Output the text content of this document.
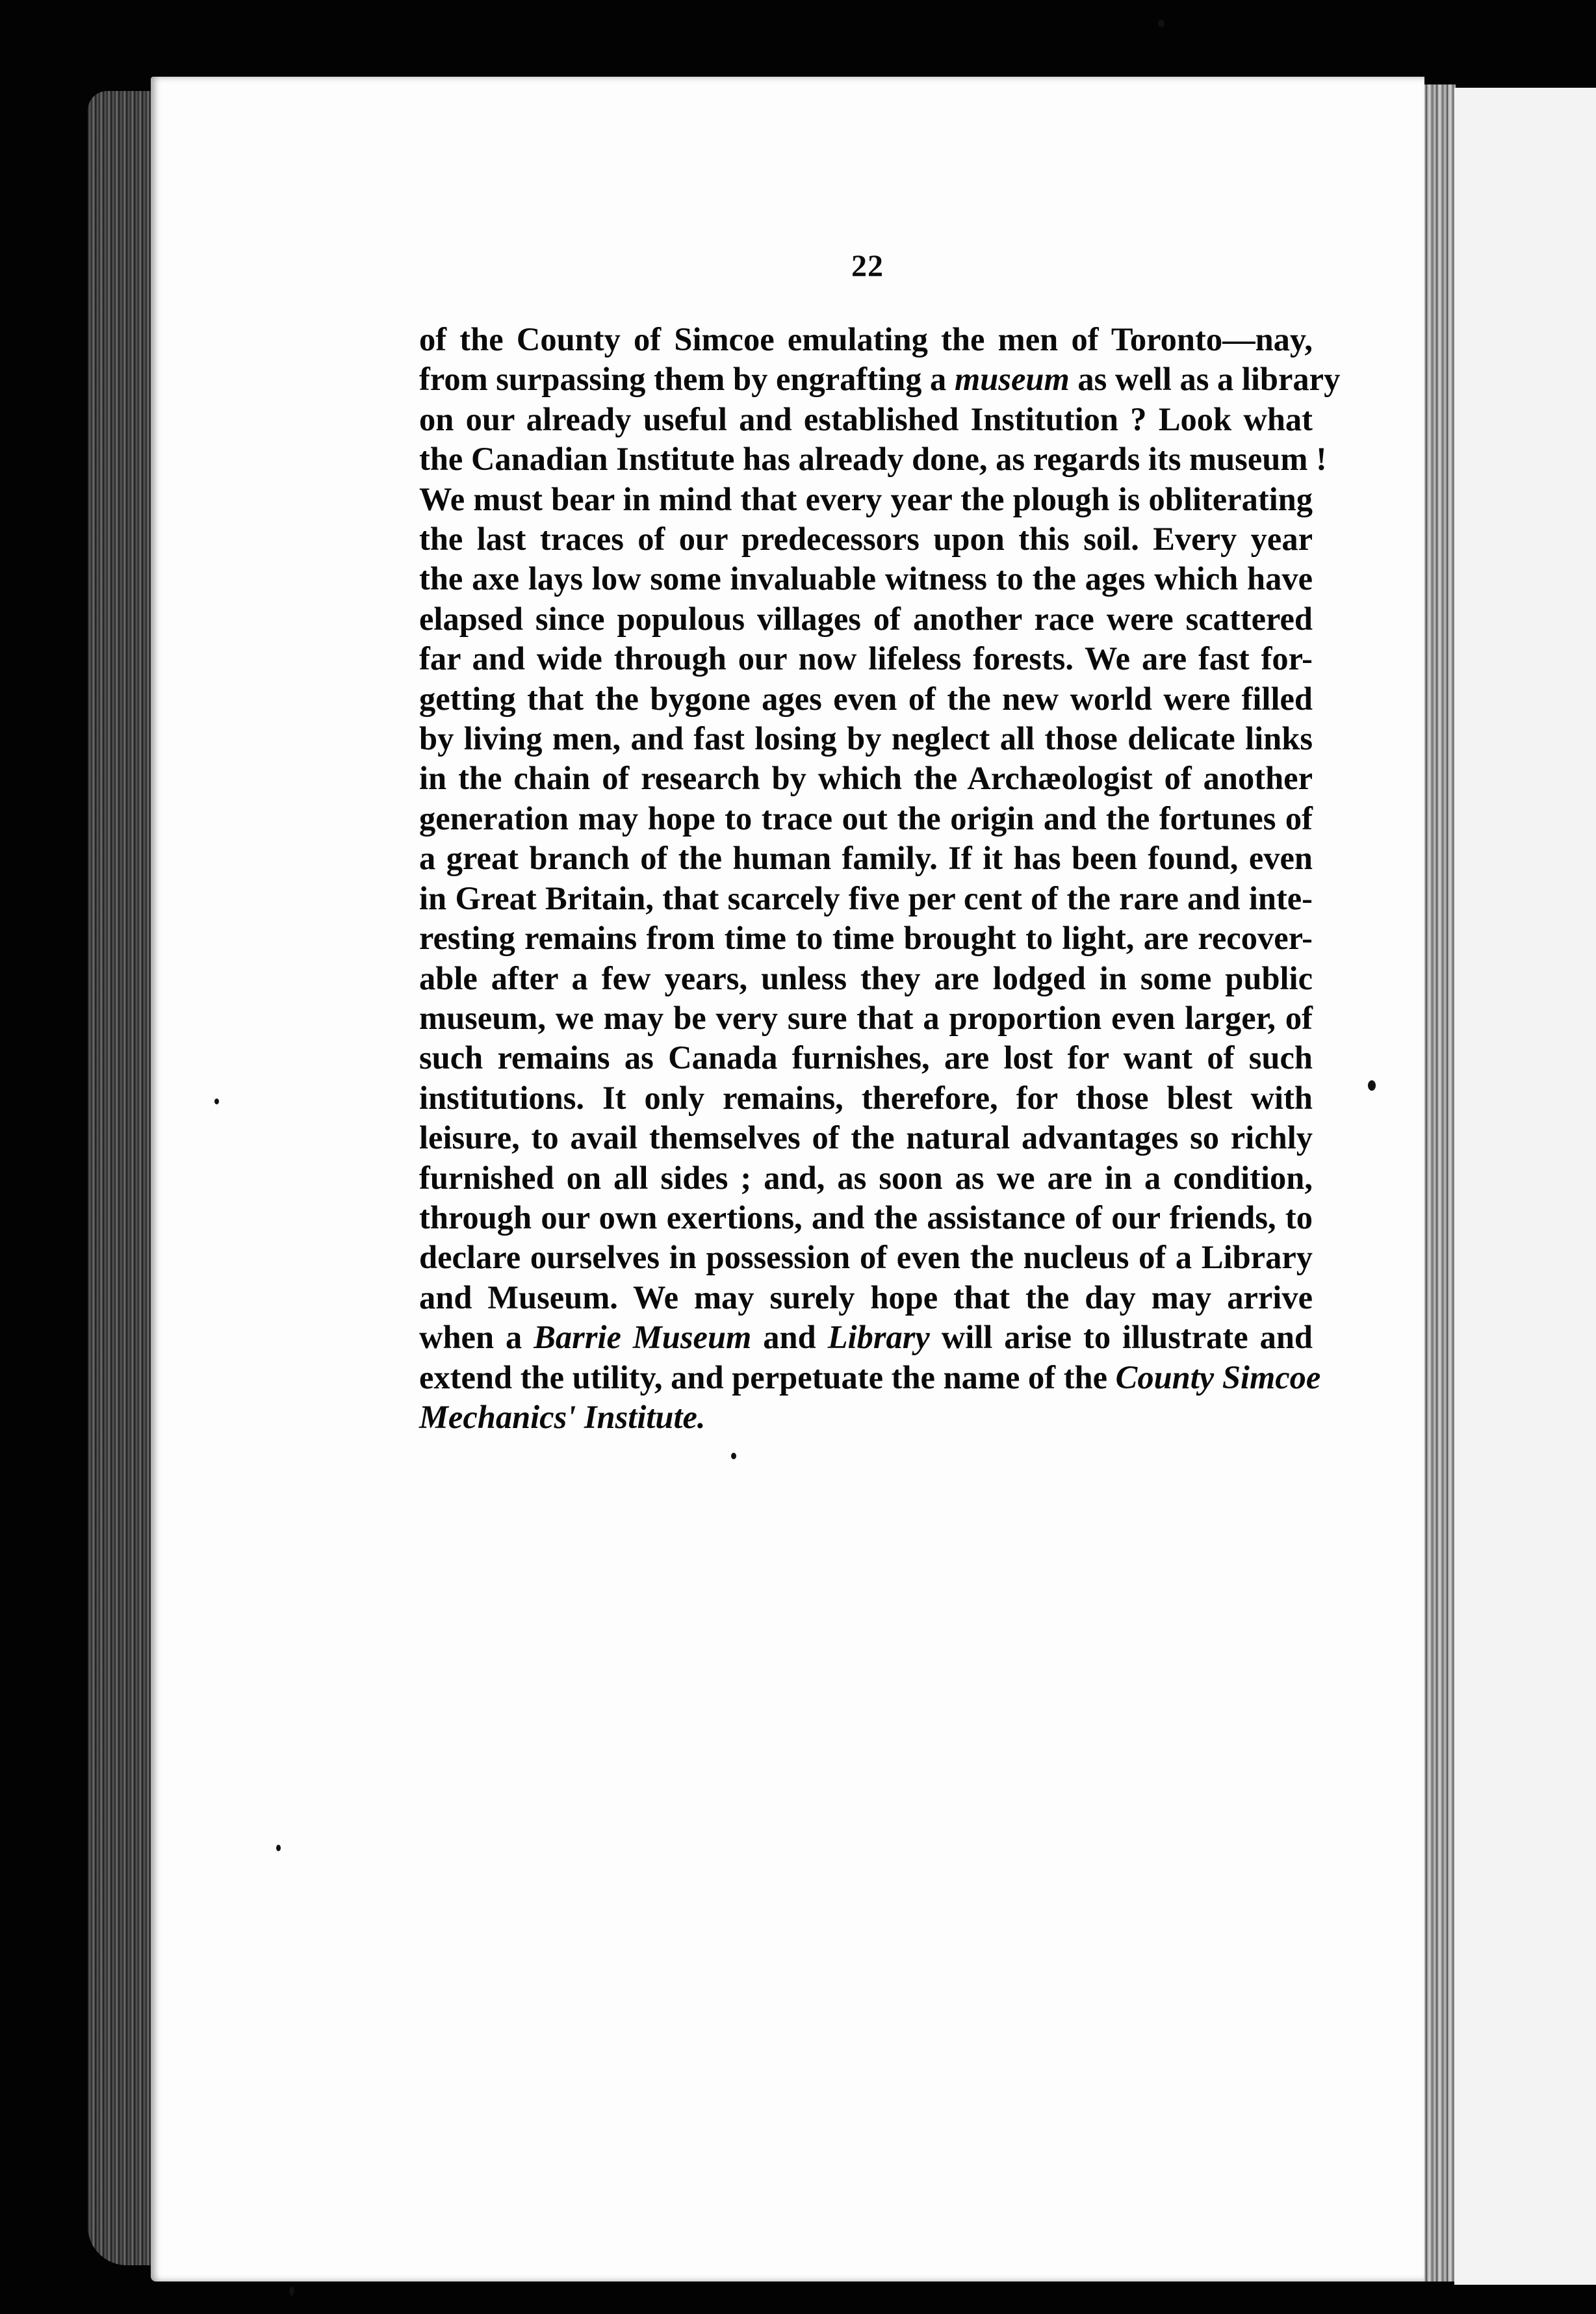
22
of the County of Simcoe emulating the men of Toronto—nay,
from surpassing them by engrafting a museum as well as a library
on our already useful and established Institution ? Look what
the Canadian Institute has already done, as regards its museum !
We must bear in mind that every year the plough is obliterating
the last traces of our predecessors upon this soil. Every year
the axe lays low some invaluable witness to the ages which have
elapsed since populous villages of another race were scattered
far and wide through our now lifeless forests. We are fast for-
getting that the bygone ages even of the new world were filled
by living men, and fast losing by neglect all those delicate links
in the chain of research by which the Archæologist of another
generation may hope to trace out the origin and the fortunes of
a great branch of the human family. If it has been found, even
in Great Britain, that scarcely five per cent of the rare and inte-
resting remains from time to time brought to light, are recover-
able after a few years, unless they are lodged in some public
museum, we may be very sure that a proportion even larger, of
such remains as Canada furnishes, are lost for want of such
institutions. It only remains, therefore, for those blest with
leisure, to avail themselves of the natural advantages so richly
furnished on all sides ; and, as soon as we are in a condition,
through our own exertions, and the assistance of our friends, to
declare ourselves in possession of even the nucleus of a Library
and Museum. We may surely hope that the day may arrive
when a Barrie Museum and Library will arise to illustrate and
extend the utility, and perpetuate the name of the County Simcoe
Mechanics' Institute.
